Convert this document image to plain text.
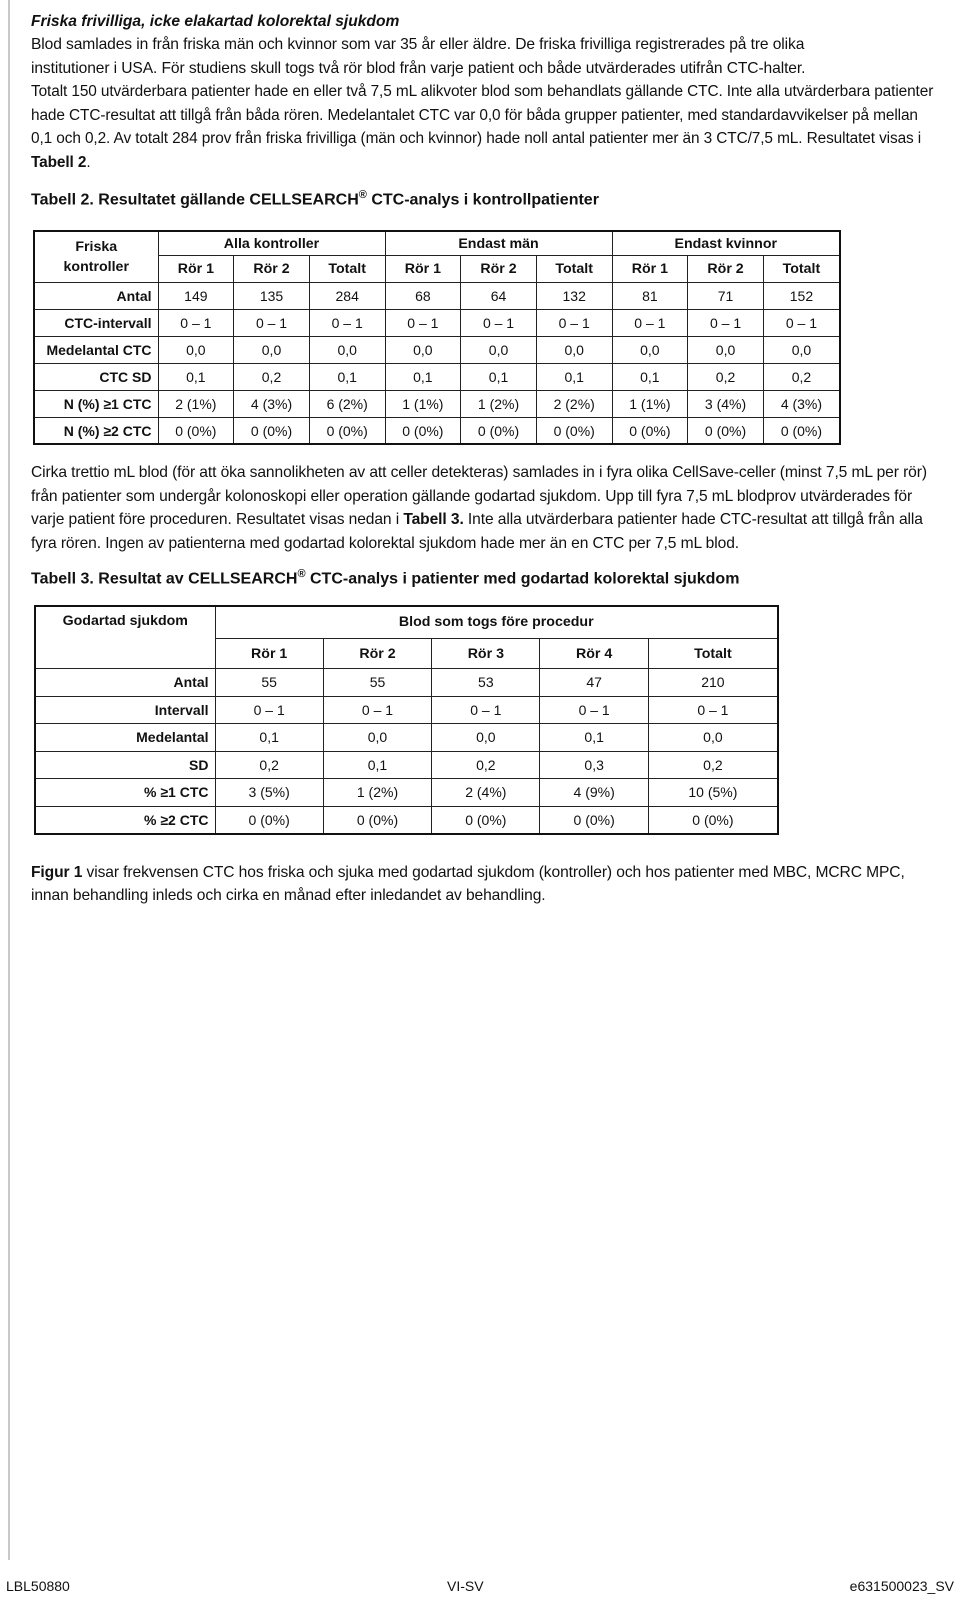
Friska frivilliga, icke elakartad kolorektal sjukdom

Blod samlades in från friska män och kvinnor som var 35 år eller äldre. De friska frivilliga registrerades på tre olika

institutioner i USA. För studiens skull togs två rör blod från varje patient och både utvärderades utifrån CTC-halter.

Totalt 150 utvärderbara patienter hade en eller två 7,5 mL alikvoter blod som behandlats gällande CTC. Inte alla utvärderbara patienter hade CTC-resultat att tillgå från båda rören. Medelantalet CTC var 0,0 för båda grupper patienter, med standardavvikelser på mellan 0,1 och 0,2. Av totalt 284 prov från friska frivilliga (män och kvinnor) hade noll antal patienter mer än 3 CTC/7,5 mL. Resultatet visas i Tabell 2.

Tabell 2. Resultatet gällande CELLSEARCH® CTC-analys i kontrollpatienter

Friska
kontroller	Alla kontroller			Endast män			Endast kvinnor		
	Rör 1	Rör 2	Totalt	Rör 1	Rör 2	Totalt	Rör 1	Rör 2	Totalt
Antal	149	135	284	68	64	132	81	71	152
CTC-intervall	0 – 1	0 – 1	0 – 1	0 – 1	0 – 1	0 – 1	0 – 1	0 – 1	0 – 1
Medelantal CTC	0,0	0,0	0,0	0,0	0,0	0,0	0,0	0,0	0,0
CTC SD	0,1	0,2	0,1	0,1	0,1	0,1	0,1	0,2	0,2
N (%) ≥1 CTC	2 (1%)	4 (3%)	6 (2%)	1 (1%)	1 (2%)	2 (2%)	1 (1%)	3 (4%)	4 (3%)
N (%) ≥2 CTC	0 (0%)	0 (0%)	0 (0%)	0 (0%)	0 (0%)	0 (0%)	0 (0%)	0 (0%)	0 (0%)

Cirka trettio mL blod (för att öka sannolikheten av att celler detekteras) samlades in i fyra olika CellSave-celler (minst 7,5 mL per rör) från patienter som undergår kolonoskopi eller operation gällande godartad sjukdom. Upp till fyra 7,5 mL blodprov utvärderades för varje patient före proceduren. Resultatet visas nedan i Tabell 3. Inte alla utvärderbara patienter hade CTC-resultat att tillgå från alla fyra rören. Ingen av patienterna med godartad kolorektal sjukdom hade mer än en CTC per 7,5 mL blod.

Tabell 3. Resultat av CELLSEARCH® CTC-analys i patienter med godartad kolorektal sjukdom

Godartad sjukdom	Blod som togs före procedur				
	Rör 1	Rör 2	Rör 3	Rör 4	Totalt
Antal	55	55	53	47	210
Intervall	0 – 1	0 – 1	0 – 1	0 – 1	0 – 1
Medelantal	0,1	0,0	0,0	0,1	0,0
SD	0,2	0,1	0,2	0,3	0,2
% ≥1 CTC	3 (5%)	1 (2%)	2 (4%)	4 (9%)	10 (5%)
% ≥2 CTC	0 (0%)	0 (0%)	0 (0%)	0 (0%)	0 (0%)

Figur 1 visar frekvensen CTC hos friska och sjuka med godartad sjukdom (kontroller) och hos patienter med MBC, MCRC MPC, innan behandling inleds och cirka en månad efter inledandet av behandling.

LBL50880	VI-SV	e631500023_SV
